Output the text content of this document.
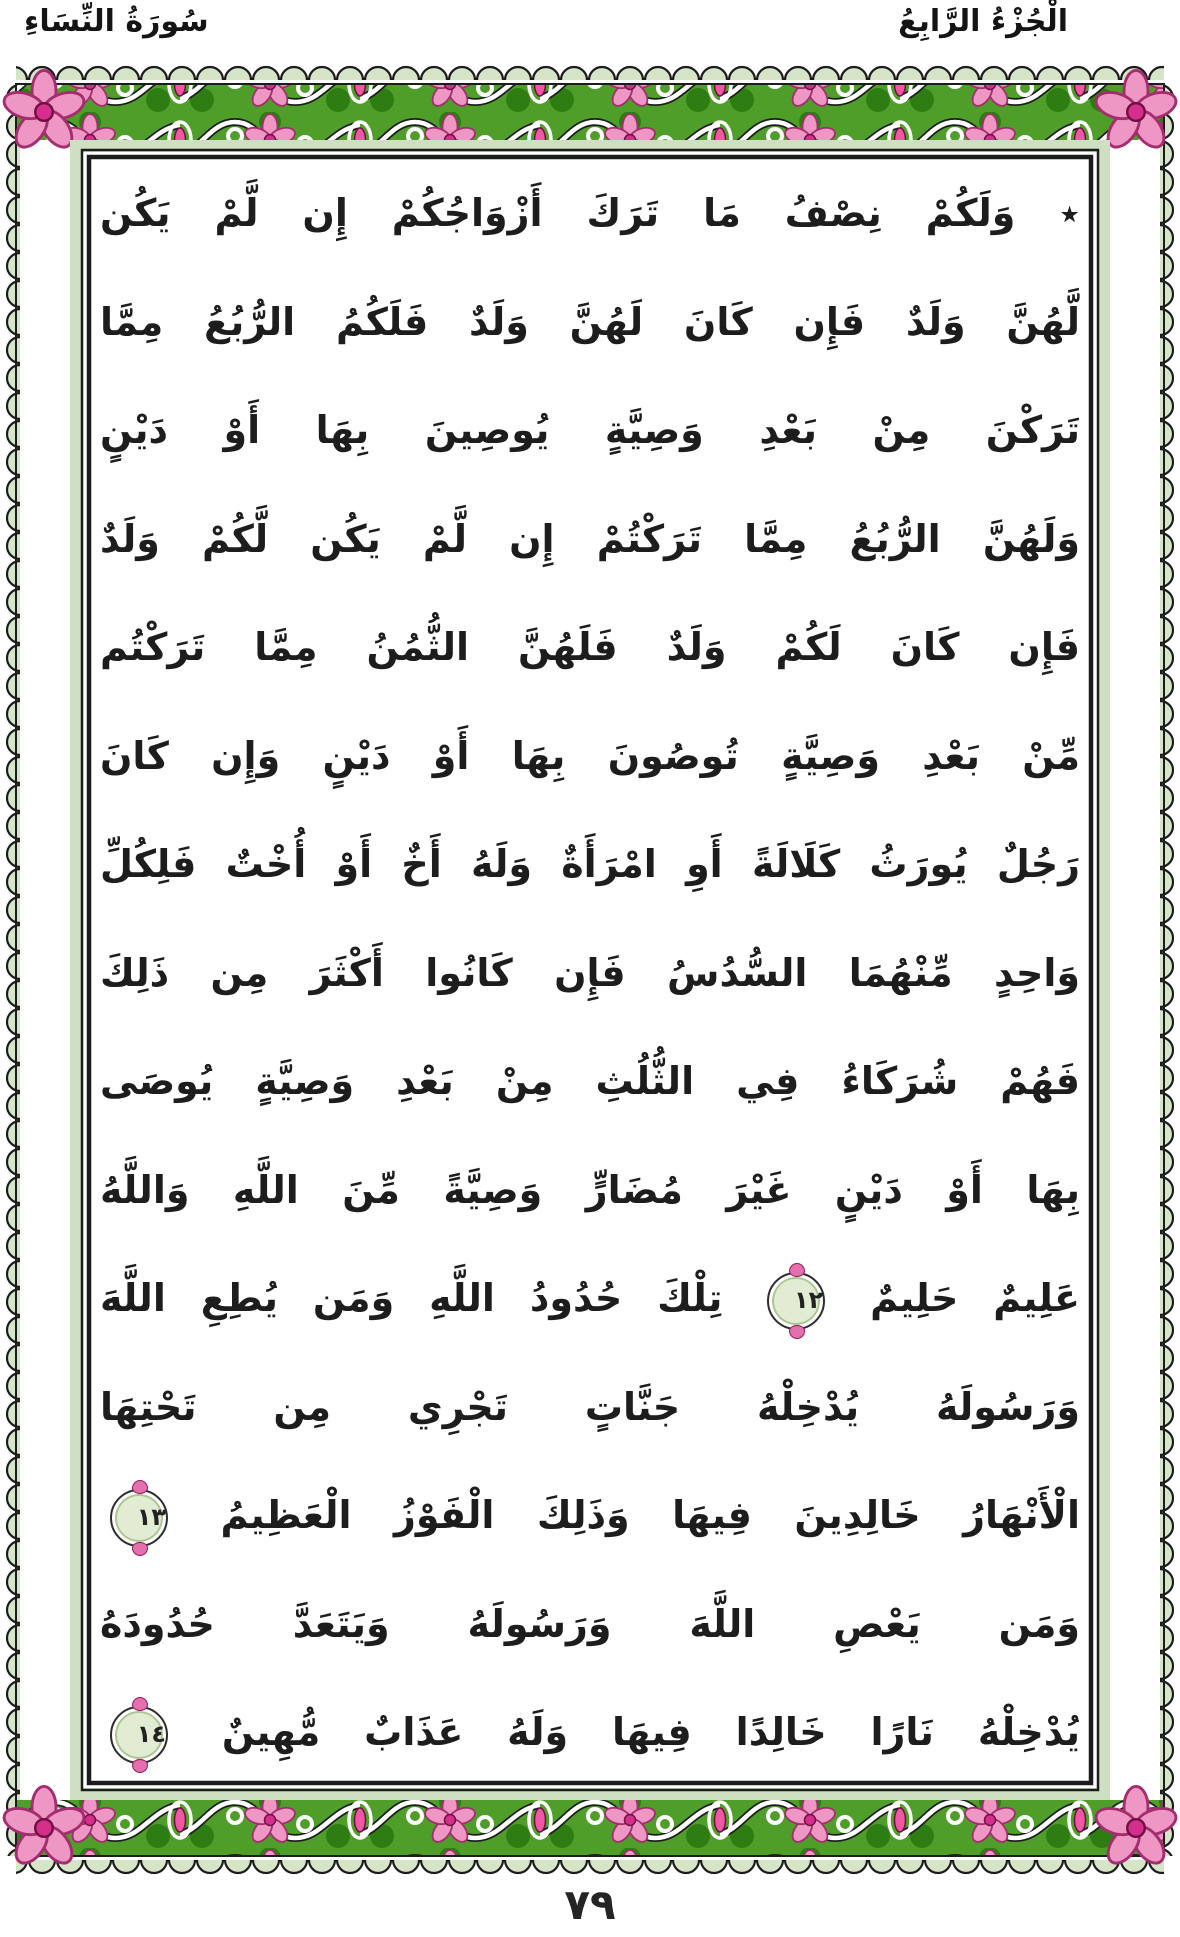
سُورَةُ النِّسَاءِ	الْجُزْءُ الرَّابِعُ
٭ وَلَكُمْ نِصْفُ مَا تَرَكَ أَزْوَاجُكُمْ إِن لَّمْ يَكُن
لَّهُنَّ وَلَدٌ فَإِن كَانَ لَهُنَّ وَلَدٌ فَلَكُمُ الرُّبُعُ مِمَّا
تَرَكْنَ مِنْ بَعْدِ وَصِيَّةٍ يُوصِينَ بِهَا أَوْ دَيْنٍ
وَلَهُنَّ الرُّبُعُ مِمَّا تَرَكْتُمْ إِن لَّمْ يَكُن لَّكُمْ وَلَدٌ
فَإِن كَانَ لَكُمْ وَلَدٌ فَلَهُنَّ الثُّمُنُ مِمَّا تَرَكْتُم
مِّنْ بَعْدِ وَصِيَّةٍ تُوصُونَ بِهَا أَوْ دَيْنٍ وَإِن كَانَ
رَجُلٌ يُورَثُ كَلَالَةً أَوِ امْرَأَةٌ وَلَهُ أَخٌ أَوْ أُخْتٌ فَلِكُلِّ
وَاحِدٍ مِّنْهُمَا السُّدُسُ فَإِن كَانُوا أَكْثَرَ مِن ذَلِكَ
فَهُمْ شُرَكَاءُ فِي الثُّلُثِ مِنْ بَعْدِ وَصِيَّةٍ يُوصَى
بِهَا أَوْ دَيْنٍ غَيْرَ مُضَارٍّ وَصِيَّةً مِّنَ اللَّهِ وَاللَّهُ
عَلِيمٌ حَلِيمٌ ١٢ تِلْكَ حُدُودُ اللَّهِ وَمَن يُطِعِ اللَّهَ
وَرَسُولَهُ يُدْخِلْهُ جَنَّاتٍ تَجْرِي مِن تَحْتِهَا
الْأَنْهَارُ خَالِدِينَ فِيهَا وَذَلِكَ الْفَوْزُ الْعَظِيمُ ١٣
وَمَن يَعْصِ اللَّهَ وَرَسُولَهُ وَيَتَعَدَّ حُدُودَهُ
يُدْخِلْهُ نَارًا خَالِدًا فِيهَا وَلَهُ عَذَابٌ مُّهِينٌ ١٤
٧٩
